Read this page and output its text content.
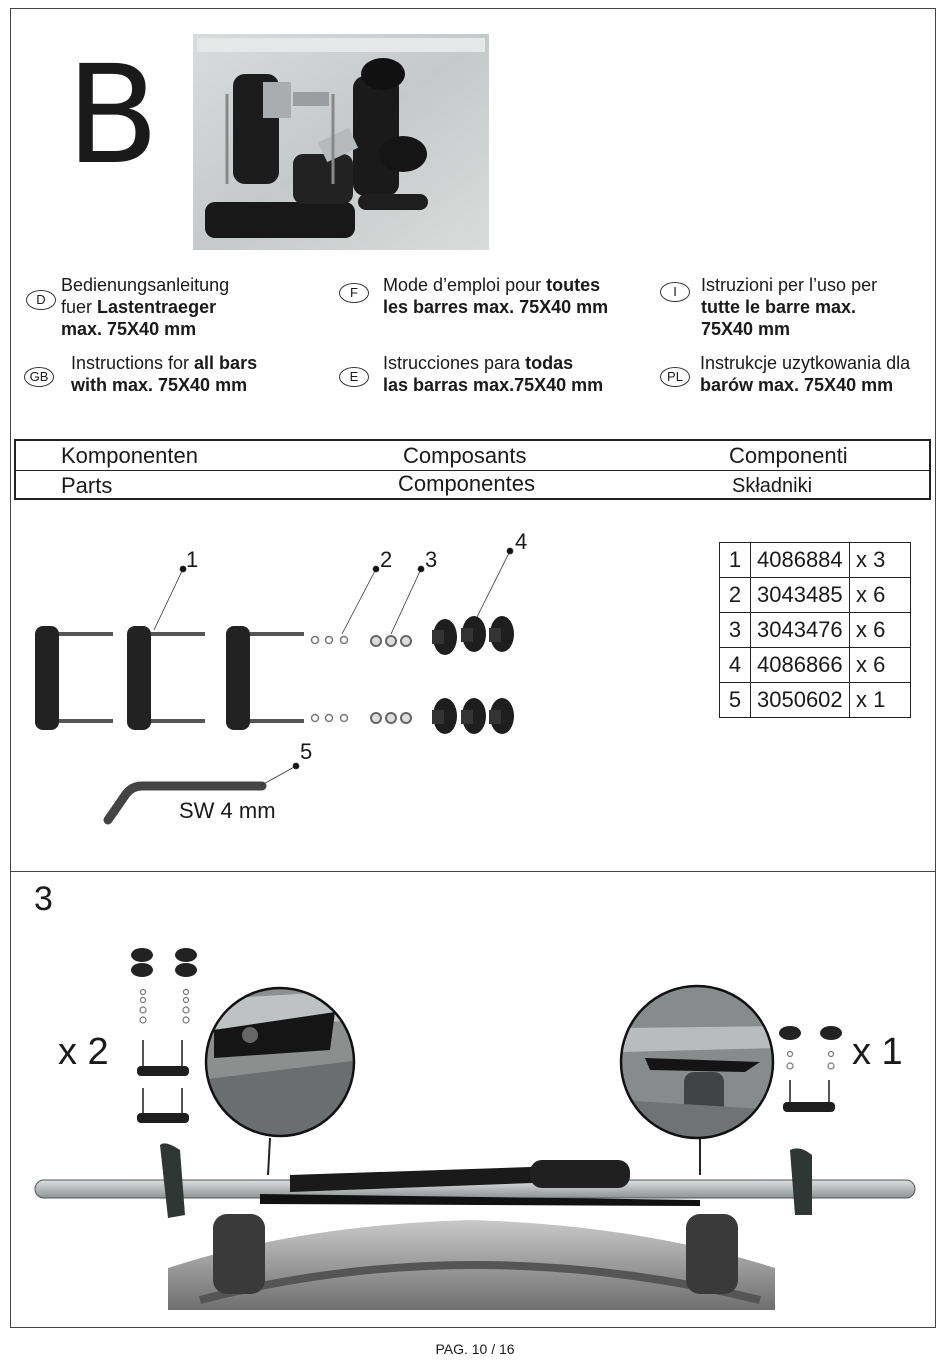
B
D
Bedienungsanleitung
fuer Lastentraeger
max. 75X40 mm
F	Mode d’emploi pour toutes
les barres max. 75X40 mm
I	Istruzioni per l’uso per
tutte le barre max.
75X40 mm
GB
Instructions for all bars
with max. 75X40 mm	E
Istrucciones para todas
las barras max.75X40 mm	PL
Instrukcje uzytkowania dla
barów max. 75X40 mm
Komponenten	Composants	Componenti
Parts	Componentes	Składniki
1	2 3
4
5
SW 4 mm
1	4086884	x 3
2	3043485	x 6
3	3043476	x 6
4	4086866	x 6
5	3050602	x 1
3
x 2	x 1
PAG. 10 / 16
